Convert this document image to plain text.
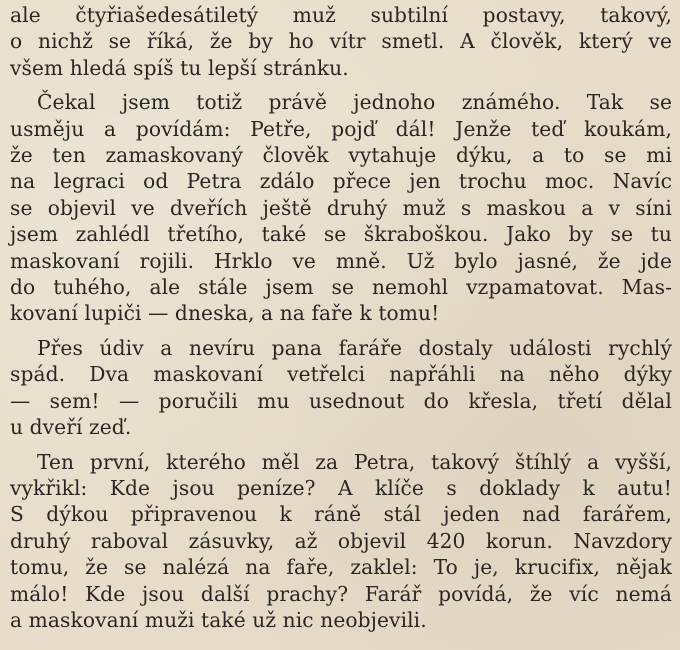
ale čtyřiašedesátiletý muž subtilní postavy, takový,
o nichž se říká, že by ho vítr smetl. A člověk, který ve
všem hledá spíš tu lepší stránku.

Čekal jsem totiž právě jednoho známého. Tak se
usměju a povídám: Petře, pojď dál! Jenže teď koukám,
že ten zamaskovaný člověk vytahuje dýku, a to se mi
na legraci od Petra zdálo přece jen trochu moc. Navíc
se objevil ve dveřích ještě druhý muž s maskou a v síni
jsem zahlédl třetího, také se škraboškou. Jako by se tu
maskovaní rojili. Hrklo ve mně. Už bylo jasné, že jde
do tuhého, ale stále jsem se nemohl vzpamatovat. Mas-
kovaní lupiči — dneska, a na faře k tomu!

Přes údiv a nevíru pana faráře dostaly události rychlý
spád. Dva maskovaní vetřelci napřáhli na něho dýky
— sem! — poručili mu usednout do křesla, třetí dělal
u dveří zeď.

Ten první, kterého měl za Petra, takový štíhlý a vyšší,
vykřikl: Kde jsou peníze? A klíče s doklady k autu!
S dýkou připravenou k ráně stál jeden nad farářem,
druhý raboval zásuvky, až objevil 420 korun. Navzdory
tomu, že se nalézá na faře, zaklel: To je, krucifix, nějak
málo! Kde jsou další prachy? Farář povídá, že víc nemá
a maskovaní muži také už nic neobjevili.
